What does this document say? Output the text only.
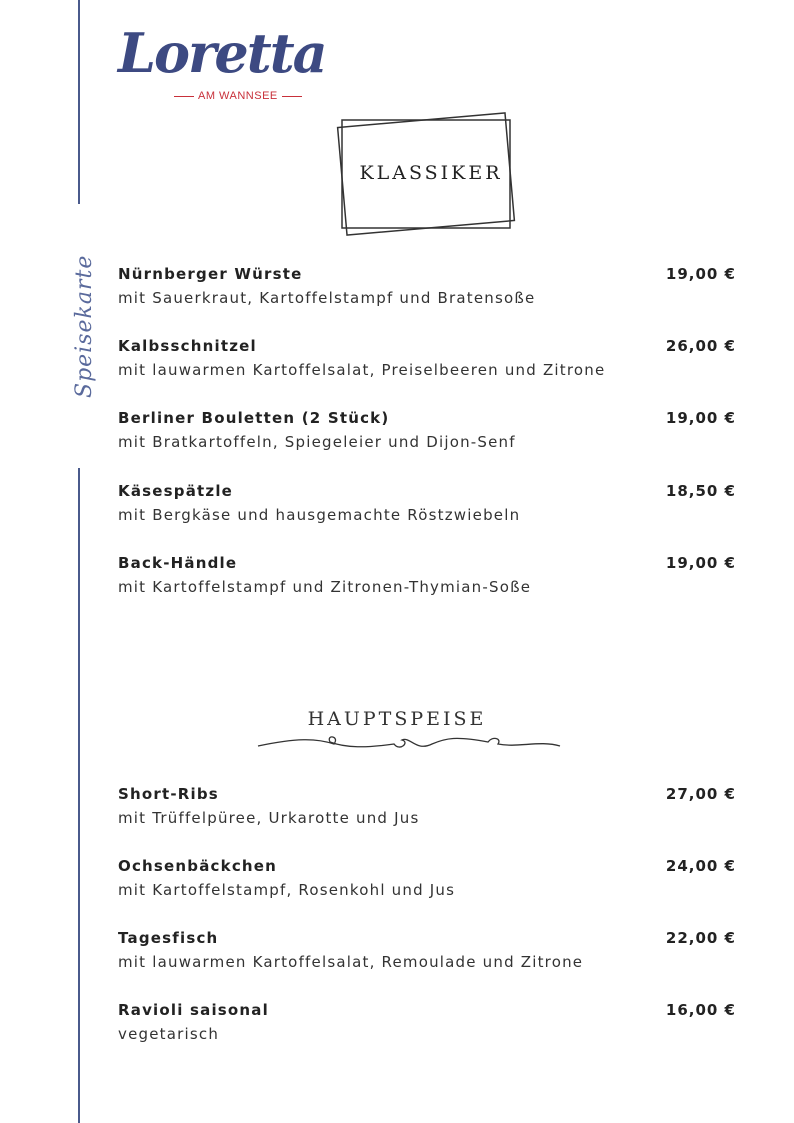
Speisekarte
Loretta
AM WANNSEE
KLASSIKER
Nürnberger Würste	19,00 €
mit Sauerkraut, Kartoffelstampf und Bratensoße
Kalbsschnitzel	26,00 €
mit lauwarmen Kartoffelsalat, Preiselbeeren und Zitrone
Berliner Bouletten (2 Stück)	19,00 €
mit Bratkartoffeln, Spiegeleier und Dijon-Senf
Käsespätzle	18,50 €
mit Bergkäse und hausgemachte Röstzwiebeln
Back-Händle	19,00 €
mit Kartoffelstampf und Zitronen-Thymian-Soße
HAUPTSPEISE
Short-Ribs	27,00 €
mit Trüffelpüree, Urkarotte und Jus
Ochsenbäckchen	24,00 €
mit Kartoffelstampf, Rosenkohl und Jus
Tagesfisch	22,00 €
mit lauwarmen Kartoffelsalat, Remoulade und Zitrone
Ravioli saisonal	16,00 €
vegetarisch
